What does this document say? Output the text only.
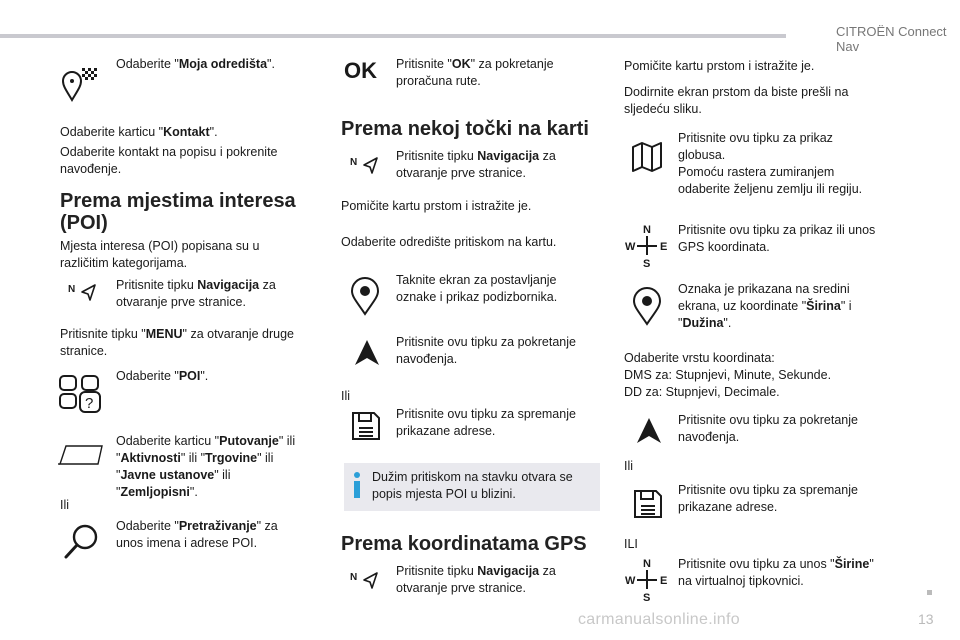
CITROËN Connect Nav
Odaberite "Moja odredišta".
Odaberite karticu "Kontakt".
Odaberite kontakt na popisu i pokrenite navođenje.
Prema mjestima interesa
(POI)
Mjesta interesa (POI) popisana su u različitim kategorijama.
N	Pritisnite tipku Navigacija za otvaranje prve stranice.
Pritisnite tipku "MENU" za otvaranje druge stranice.
?
Odaberite "POI".
Odaberite karticu "Putovanje" ili "Aktivnosti" ili "Trgovine" ili "Javne ustanove" ili "Zemljopisni".
Ili
Odaberite "Pretraživanje" za unos imena i adrese POI.
OK Pritisnite "OK" za pokretanje proračuna rute.
Prema nekoj točki na karti
N	Pritisnite tipku Navigacija za otvaranje prve stranice.
Pomičite kartu prstom i istražite je.
Odaberite odredište pritiskom na kartu.
Taknite ekran za postavljanje oznake i prikaz podizbornika.
Pritisnite ovu tipku za pokretanje navođenja.
Ili
Pritisnite ovu tipku za spremanje prikazane adrese.
Dužim pritiskom na stavku otvara se popis mjesta POI u blizini.
Prema koordinatama GPS
N	Pritisnite tipku Navigacija za otvaranje prve stranice.
Pomičite kartu prstom i istražite je.
Dodirnite ekran prstom da biste prešli na sljedeću sliku.
Pritisnite ovu tipku za prikaz globusa.
Pomoću rastera zumiranjem odaberite željenu zemlju ili regiju.
N
W E
S
Pritisnite ovu tipku za prikaz ili unos GPS koordinata.
Oznaka je prikazana na sredini ekrana, uz koordinate "Širina" i "Dužina".
Odaberite vrstu koordinata:
DMS za: Stupnjevi, Minute, Sekunde.
DD za: Stupnjevi, Decimale.
Pritisnite ovu tipku za pokretanje navođenja.
Ili
Pritisnite ovu tipku za spremanje prikazane adrese.
ILI
N
W E
S
Pritisnite ovu tipku za unos "Širine" na virtualnoj tipkovnici.
carmanualsonline.info	13
